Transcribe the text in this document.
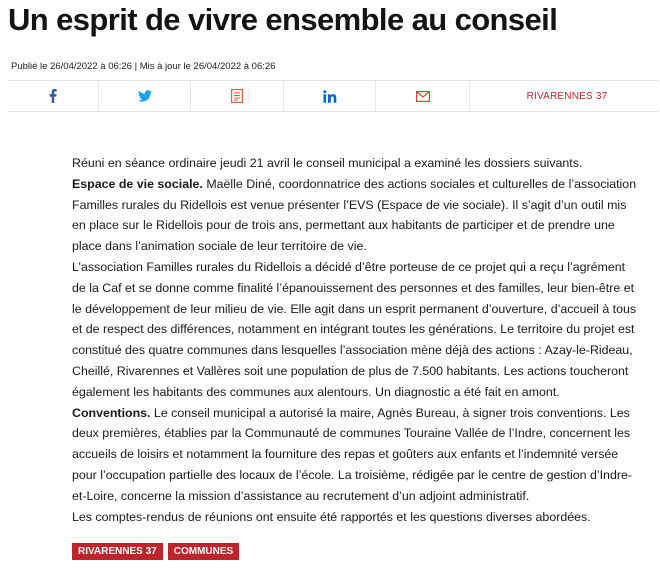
Un esprit de vivre ensemble au conseil
Publié le 26/04/2022 à 06:26 | Mis à jour le 26/04/2022 à 06:26
RIVARENNES 37

Réuni en séance ordinaire jeudi 21 avril le conseil municipal a examiné les dossiers suivants.

Espace de vie sociale. Maëlle Diné, coordonnatrice des actions sociales et culturelles de l’association Familles rurales du Ridellois est venue présenter l’EVS (Espace de vie sociale). Il s’agit d’un outil mis en place sur le Ridellois pour de trois ans, permettant aux habitants de participer et de prendre une place dans l’animation sociale de leur territoire de vie.

L’association Familles rurales du Ridellois a décidé d’être porteuse de ce projet qui a reçu l’agrément de la Caf et se donne comme finalité l’épanouissement des personnes et des familles, leur bien-être et le développement de leur milieu de vie. Elle agit dans un esprit permanent d’ouverture, d’accueil à tous et de respect des différences, notamment en intégrant toutes les générations. Le territoire du projet est constitué des quatre communes dans lesquelles l’association mène déjà des actions : Azay-le-Rideau, Cheillé, Rivarennes et Vallères soit une population de plus de 7.500 habitants. Les actions toucheront également les habitants des communes aux alentours. Un diagnostic a été fait en amont.

Conventions. Le conseil municipal a autorisé la maire, Agnès Bureau, à signer trois conventions. Les deux premières, établies par la Communauté de communes Touraine Vallée de l’Indre, concernent les accueils de loisirs et notamment la fourniture des repas et goûters aux enfants et l’indemnité versée pour l’occupation partielle des locaux de l’école. La troisième, rédigée par le centre de gestion d’Indre-et-Loire, concerne la mission d’assistance au recrutement d’un adjoint administratif.

Les comptes-rendus de réunions ont ensuite été rapportés et les questions diverses abordées.

RIVARENNES 37	COMMUNES
